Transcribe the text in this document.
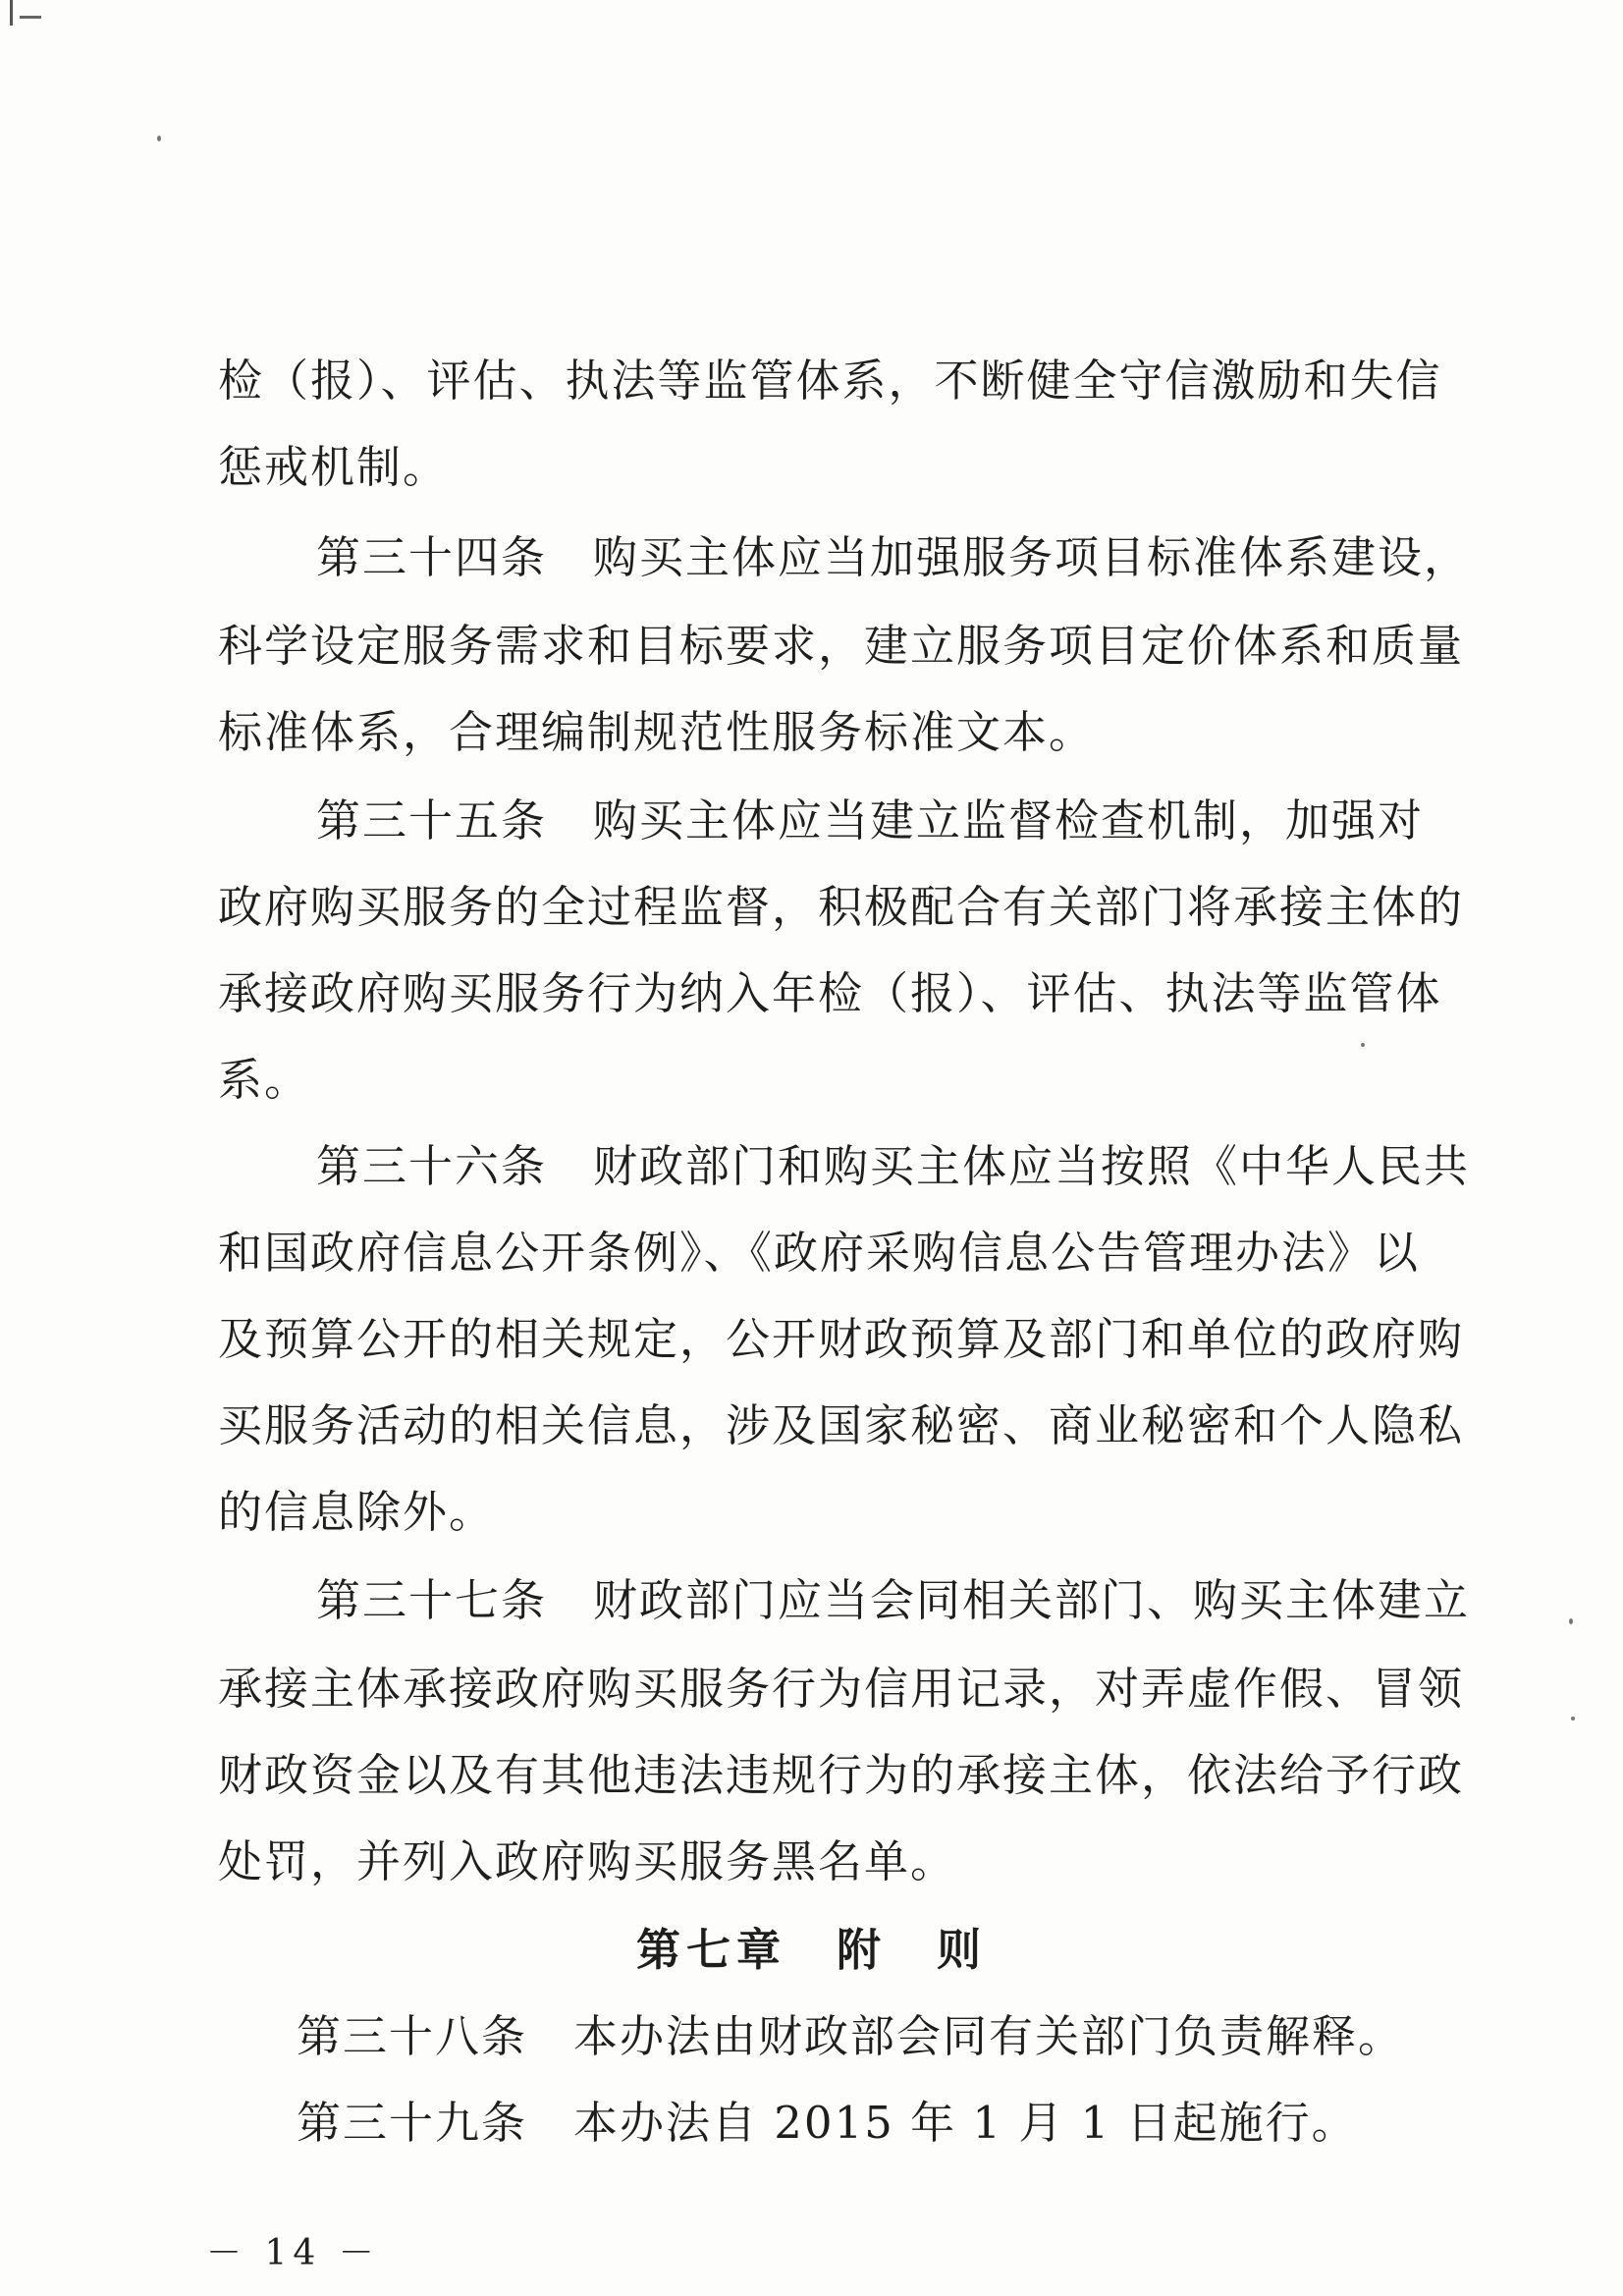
检（报）、评估、执法等监管体系，不断健全守信激励和失信
惩戒机制。
第三十四条　购买主体应当加强服务项目标准体系建设，
科学设定服务需求和目标要求，建立服务项目定价体系和质量
标准体系，合理编制规范性服务标准文本。
第三十五条　购买主体应当建立监督检查机制，加强对
政府购买服务的全过程监督，积极配合有关部门将承接主体的
承接政府购买服务行为纳入年检（报）、评估、执法等监管体
系。
第三十六条　财政部门和购买主体应当按照《中华人民共
和国政府信息公开条例》、《政府采购信息公告管理办法》以
及预算公开的相关规定，公开财政预算及部门和单位的政府购
买服务活动的相关信息，涉及国家秘密、商业秘密和个人隐私
的信息除外。
第三十七条　财政部门应当会同相关部门、购买主体建立
承接主体承接政府购买服务行为信用记录，对弄虚作假、冒领
财政资金以及有其他违法违规行为的承接主体，依法给予行政
处罚，并列入政府购买服务黑名单。
第七章　附　则
第三十八条　本办法由财政部会同有关部门负责解释。
第三十九条　本办法自 2015 年 1 月 1 日起施行。
－ 14 －
